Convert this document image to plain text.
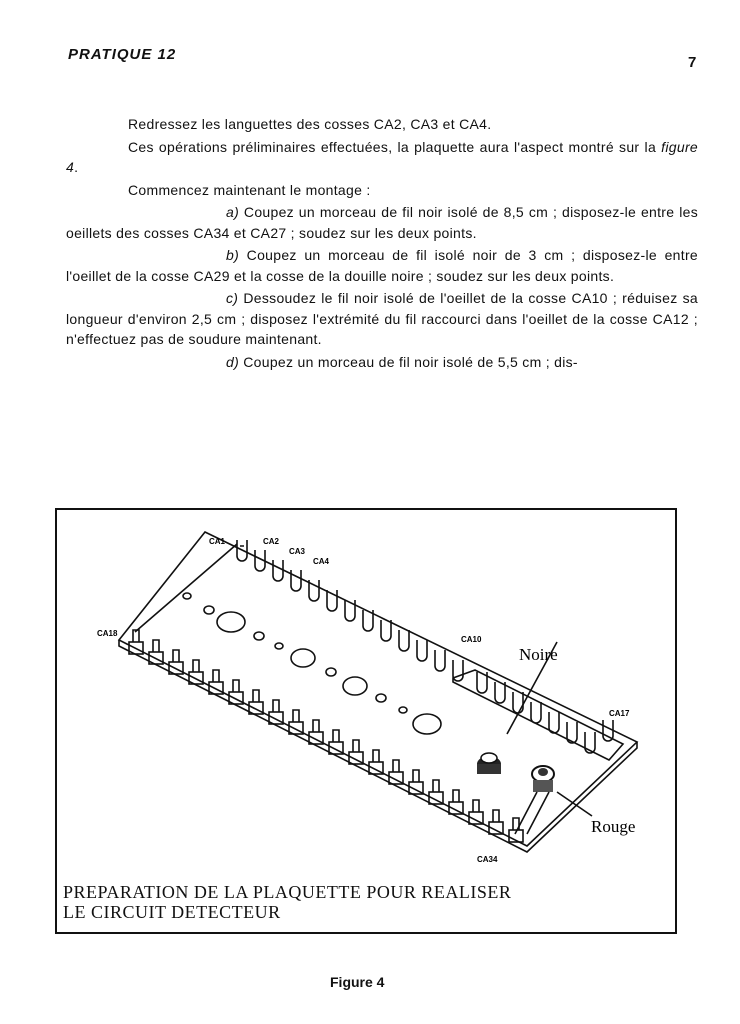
PRATIQUE 12	7

Redressez les languettes des cosses CA2, CA3 et CA4.

Ces opérations préliminaires effectuées, la plaquette aura l'aspect montré sur la figure 4.

Commencez maintenant le montage :

a) Coupez un morceau de fil noir isolé de 8,5 cm ; disposez-le entre les oeillets des cosses CA34 et CA27 ; soudez sur les deux points.

b) Coupez un morceau de fil isolé noir de 3 cm ; disposez-le entre l'oeillet de la cosse CA29 et la cosse de la douille noire ; soudez sur les deux points.

c) Dessoudez le fil noir isolé de l'oeillet de la cosse CA10 ; réduisez sa longueur d'environ 2,5 cm ; disposez l'extrémité du fil raccourci dans l'oeillet de la cosse CA12 ; n'effectuez pas de soudure maintenant.

d) Coupez un morceau de fil noir isolé de 5,5 cm ; dis-

CA1	CA2
CA3
CA4
CA18
CA10
CA17
CA34
Noire
Rouge
PREPARATION DE LA PLAQUETTE POUR REALISER
LE CIRCUIT DETECTEUR
Figure 4
